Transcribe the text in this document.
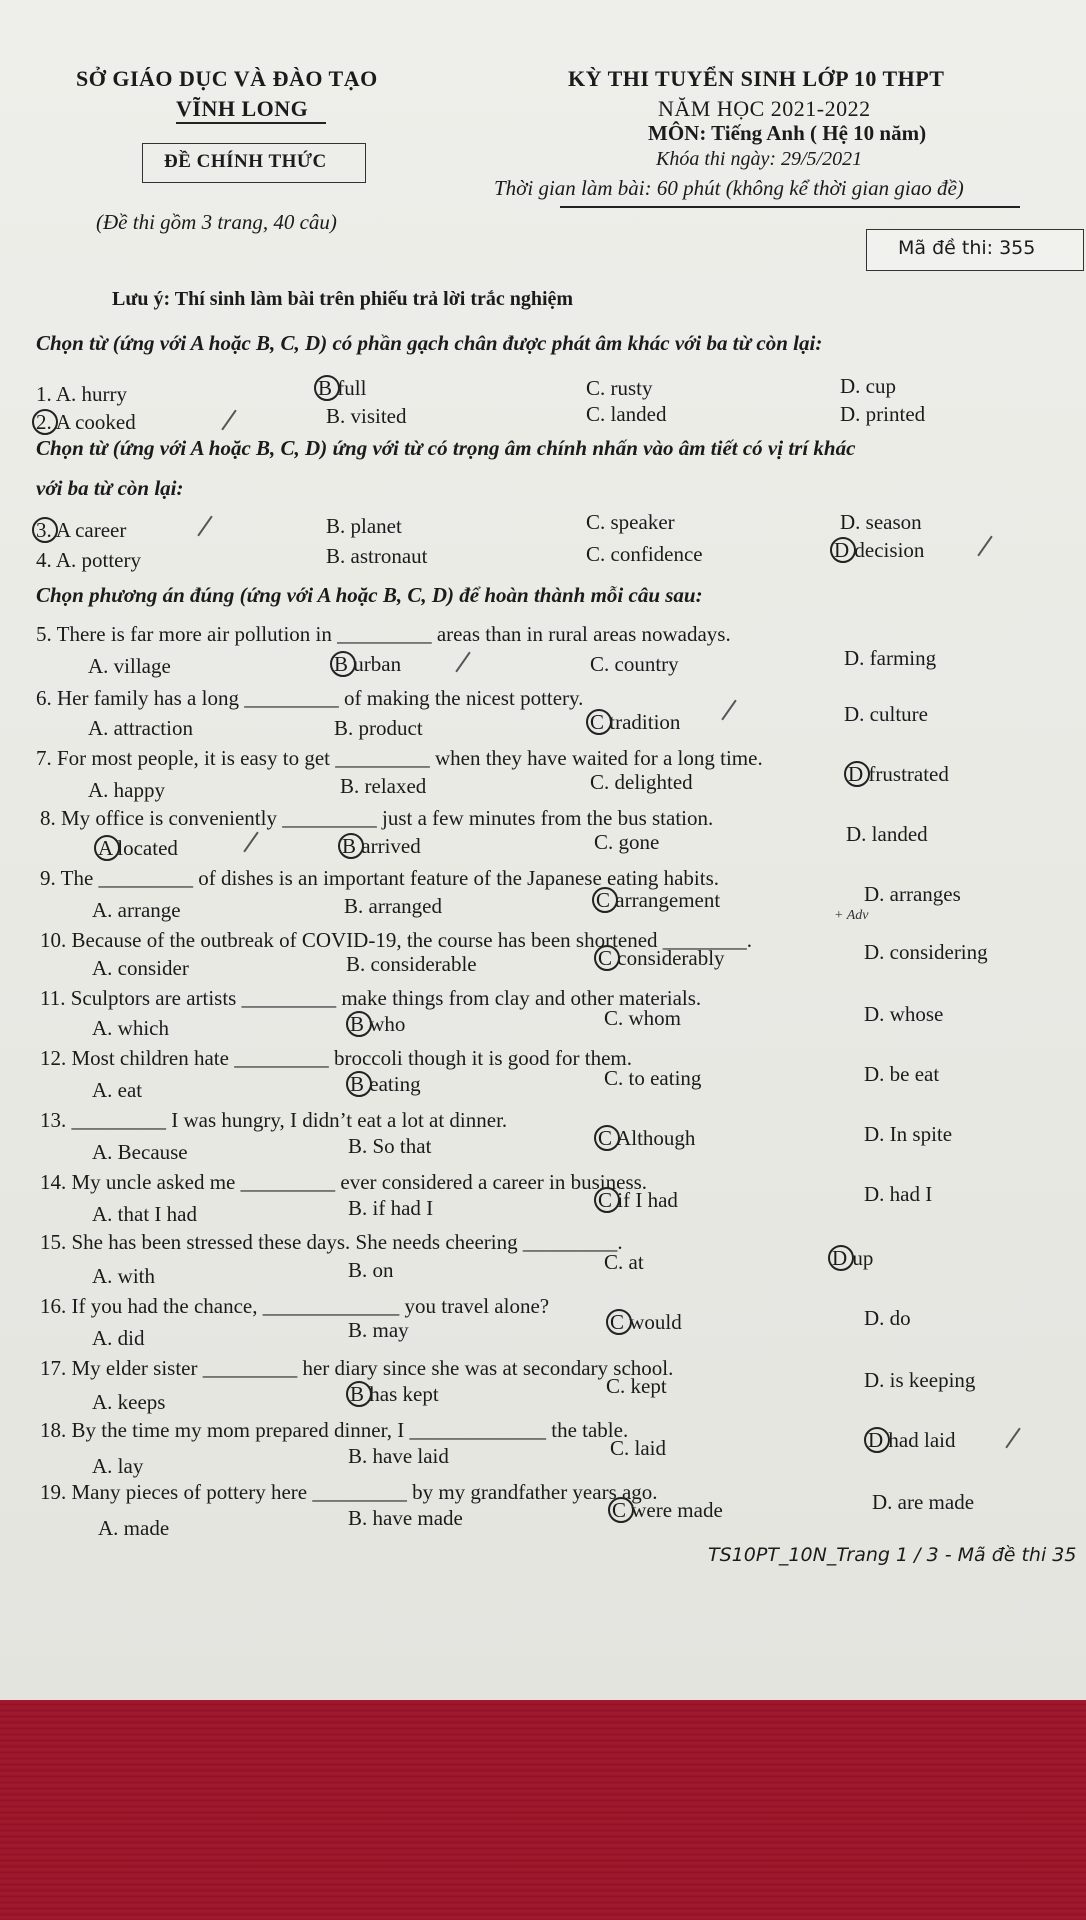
SỞ GIÁO DỤC VÀ ĐÀO TẠO
VĨNH LONG
ĐỀ CHÍNH THỨC
(Đề thi gồm 3 trang, 40 câu)
KỲ THI TUYỂN SINH LỚP 10 THPT
NĂM HỌC 2021-2022
MÔN: Tiếng Anh ( Hệ 10 năm)
Khóa thi ngày: 29/5/2021
Thời gian làm bài: 60 phút (không kể thời gian giao đề)
Mã đề thi: 355
Lưu ý: Thí sinh làm bài trên phiếu trả lời trắc nghiệm
Chọn từ (ứng với A hoặc B, C, D) có phần gạch chân được phát âm khác với ba từ còn lại:
1. A. hurry	B full	C. rusty	D. cup
2. A cooked	B. visited	C. landed	D. printed
Chọn từ (ứng với A hoặc B, C, D) ứng với từ có trọng âm chính nhấn vào âm tiết có vị trí khác
với ba từ còn lại:
3. A career	B. planet	C. speaker	D. season
4. A. pottery	B. astronaut	C. confidence	D decision
Chọn phương án đúng (ứng với A hoặc B, C, D) để hoàn thành mỗi câu sau:
5. There is far more air pollution in _________ areas than in rural areas nowadays.
A. village	B urban	C. country	D. farming
6. Her family has a long _________ of making the nicest pottery.
A. attraction	B. product	C tradition	D. culture
7. For most people, it is easy to get _________ when they have waited for a long time.
A. happy	B. relaxed	C. delighted	D frustrated
8. My office is conveniently _________ just a few minutes from the bus station.
A located	B arrived	C. gone	D. landed
9. The _________ of dishes is an important feature of the Japanese eating habits.
A. arrange	B. arranged	C arrangement	D. arranges
10. Because of the outbreak of COVID-19, the course has been shortened ________.
+ Adv
A. consider	B. considerable	C considerably	D. considering
11. Sculptors are artists _________ make things from clay and other materials.
A. which	B who	C. whom	D. whose
12. Most children hate _________ broccoli though it is good for them.
A. eat	B eating	C. to eating	D. be eat
13. _________ I was hungry, I didn’t eat a lot at dinner.
A. Because	B. So that	C Although	D. In spite
14. My uncle asked me _________ ever considered a career in business.
A. that I had	B. if had I	C if I had	D. had I
15. She has been stressed these days. She needs cheering _________.
A. with	B. on	C. at	D up
16. If you had the chance, _____________ you travel alone?
A. did	B. may	C would	D. do
17. My elder sister _________ her diary since she was at secondary school.
A. keeps	B has kept	C. kept	D. is keeping
18. By the time my mom prepared dinner, I _____________ the table.
A. lay	B. have laid	C. laid	D had laid
19. Many pieces of pottery here _________ by my grandfather years ago.
A. made	B. have made	C were made	D. are made
TS10PT_10N_Trang 1 / 3 - Mã đề thi 35
